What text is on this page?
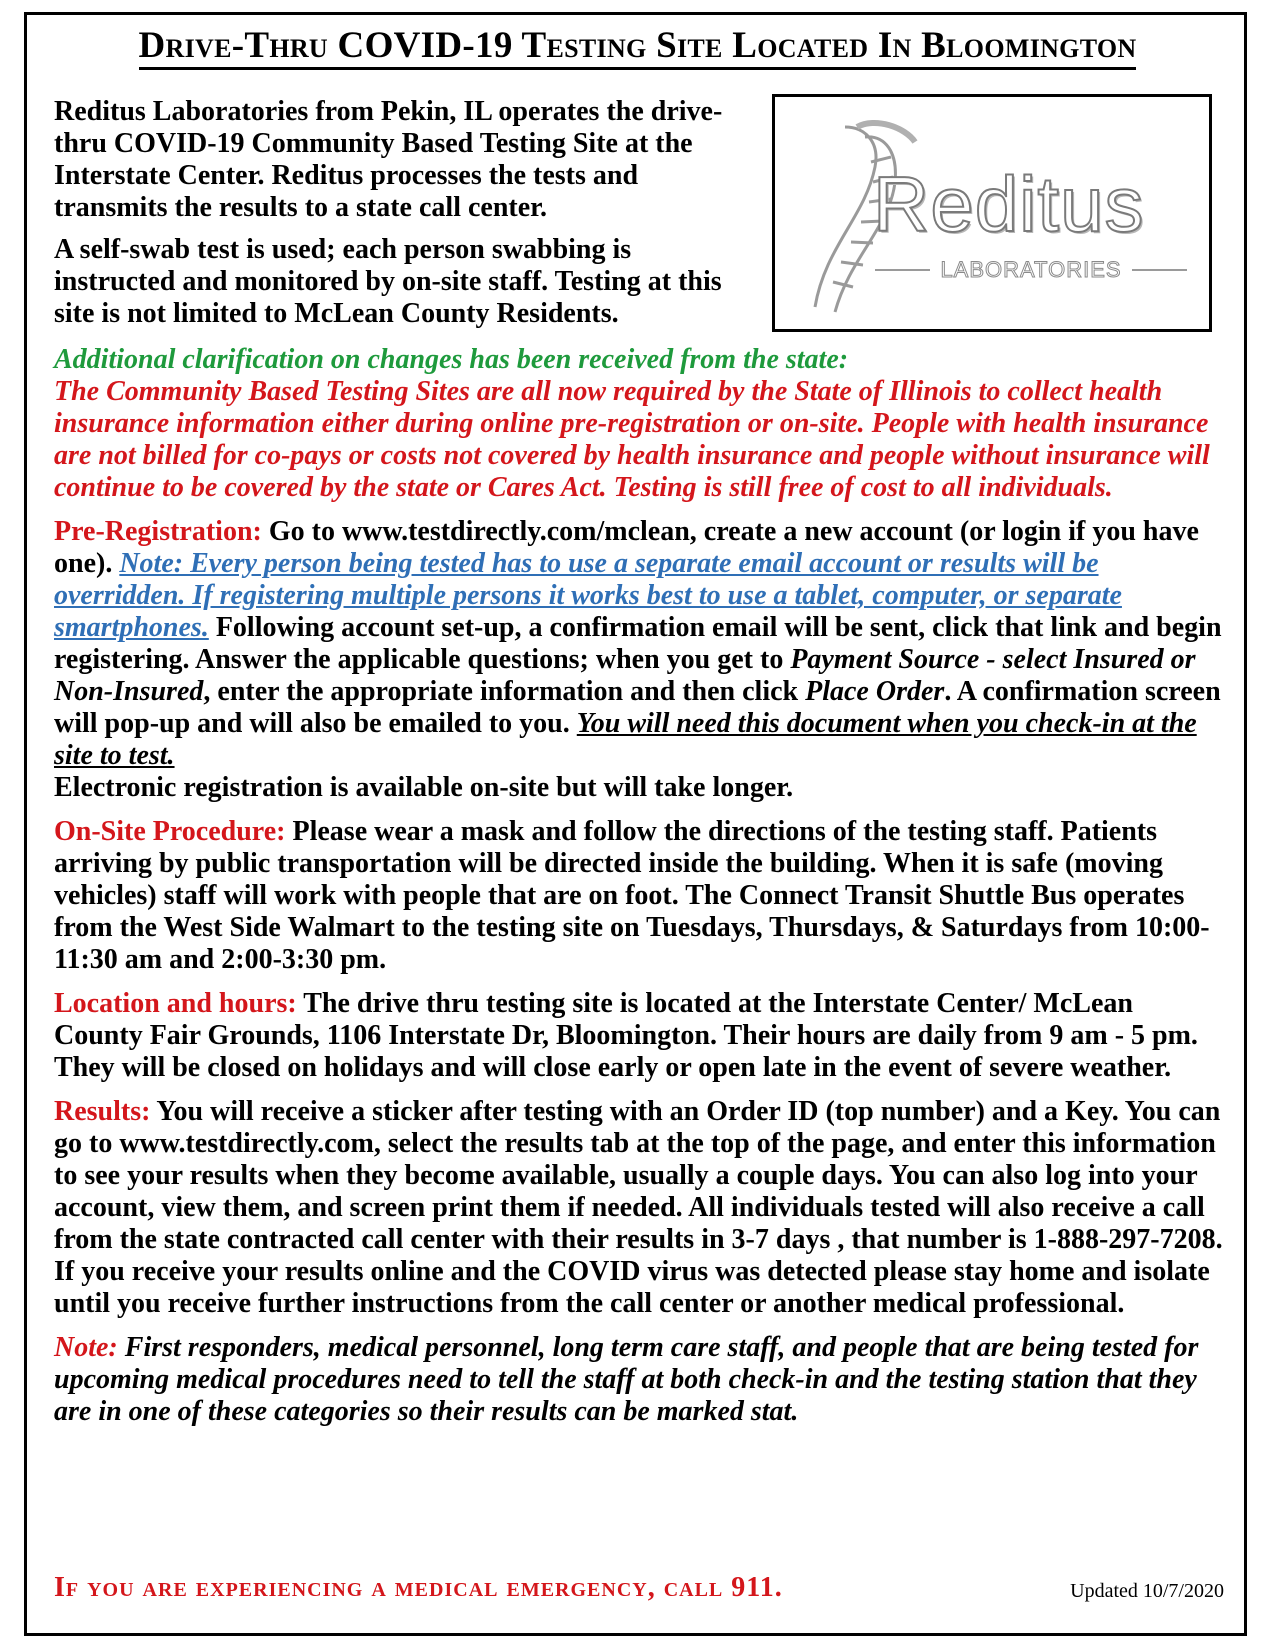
Drive-Thru COVID-19 Testing Site Located In Bloomington

Reditus Laboratories from Pekin, IL operates the drive-thru COVID-19 Community Based Testing Site at the Interstate Center. Reditus processes the tests and transmits the results to a state call center.

A self-swab test is used; each person swabbing is instructed and monitored by on-site staff. Testing at this site is not limited to McLean County Residents.

Reditus
LABORATORIES

Additional clarification on changes has been received from the state:
The Community Based Testing Sites are all now required by the State of Illinois to collect health insurance information either during online pre-registration or on-site. People with health insurance are not billed for co-pays or costs not covered by health insurance and people without insurance will continue to be covered by the state or Cares Act. Testing is still free of cost to all individuals.

Pre-Registration: Go to www.testdirectly.com/mclean, create a new account (or login if you have one). Note: Every person being tested has to use a separate email account or results will be overridden. If registering multiple persons it works best to use a tablet, computer, or separate smartphones. Following account set-up, a confirmation email will be sent, click that link and begin registering. Answer the applicable questions; when you get to Payment Source - select Insured or Non-Insured, enter the appropriate information and then click Place Order. A confirmation screen will pop-up and will also be emailed to you. You will need this document when you check-in at the site to test.
Electronic registration is available on-site but will take longer.

On-Site Procedure: Please wear a mask and follow the directions of the testing staff. Patients arriving by public transportation will be directed inside the building. When it is safe (moving vehicles) staff will work with people that are on foot. The Connect Transit Shuttle Bus operates from the West Side Walmart to the testing site on Tuesdays, Thursdays, & Saturdays from 10:00-11:30 am and 2:00-3:30 pm.

Location and hours: The drive thru testing site is located at the Interstate Center/ McLean County Fair Grounds, 1106 Interstate Dr, Bloomington. Their hours are daily from 9 am - 5 pm. They will be closed on holidays and will close early or open late in the event of severe weather.

Results: You will receive a sticker after testing with an Order ID (top number) and a Key. You can go to www.testdirectly.com, select the results tab at the top of the page, and enter this information to see your results when they become available, usually a couple days. You can also log into your account, view them, and screen print them if needed. All individuals tested will also receive a call from the state contracted call center with their results in 3-7 days , that number is 1-888-297-7208. If you receive your results online and the COVID virus was detected please stay home and isolate until you receive further instructions from the call center or another medical professional.

Note: First responders, medical personnel, long term care staff, and people that are being tested for upcoming medical procedures need to tell the staff at both check-in and the testing station that they are in one of these categories so their results can be marked stat.

If you are experiencing a medical emergency, call 911.	Updated 10/7/2020
